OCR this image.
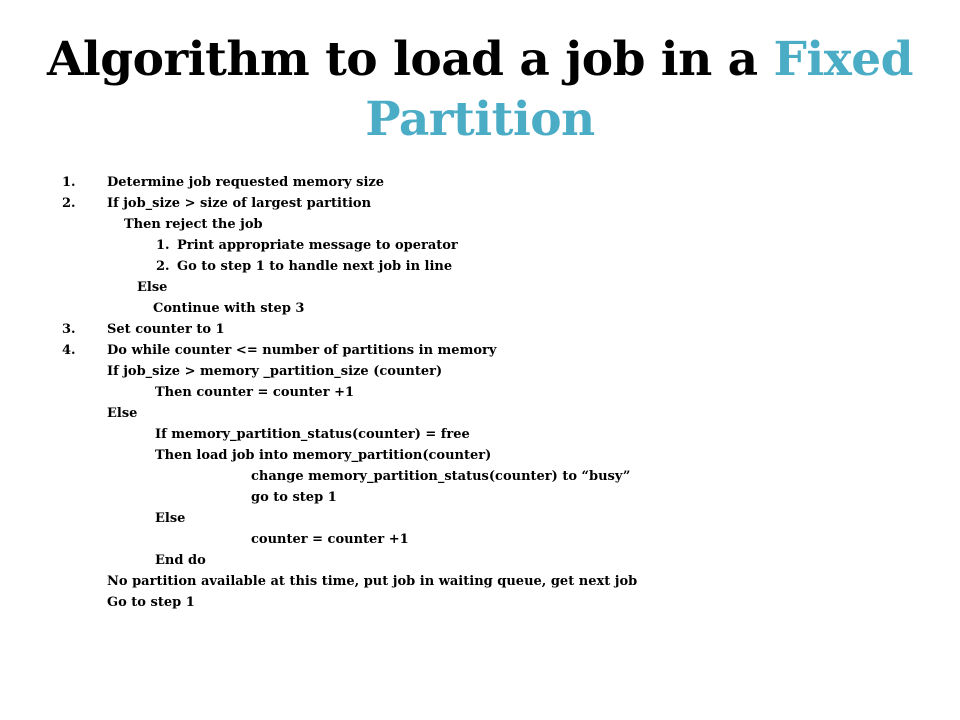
Algorithm to load a job in a Fixed
Partition
1. Determine job requested memory size
2. If job_size > size of largest partition
Then reject the job
1. Print appropriate message to operator
2. Go to step 1 to handle next job in line
Else
Continue with step 3
3. Set counter to 1
4. Do while counter <= number of partitions in memory
If job_size > memory _partition_size (counter)
Then counter = counter +1
Else
If memory_partition_status(counter) = free
Then load job into memory_partition(counter)
change memory_partition_status(counter) to “busy”
go to step 1
Else
counter = counter +1
End do
No partition available at this time, put job in waiting queue, get next job
Go to step 1
